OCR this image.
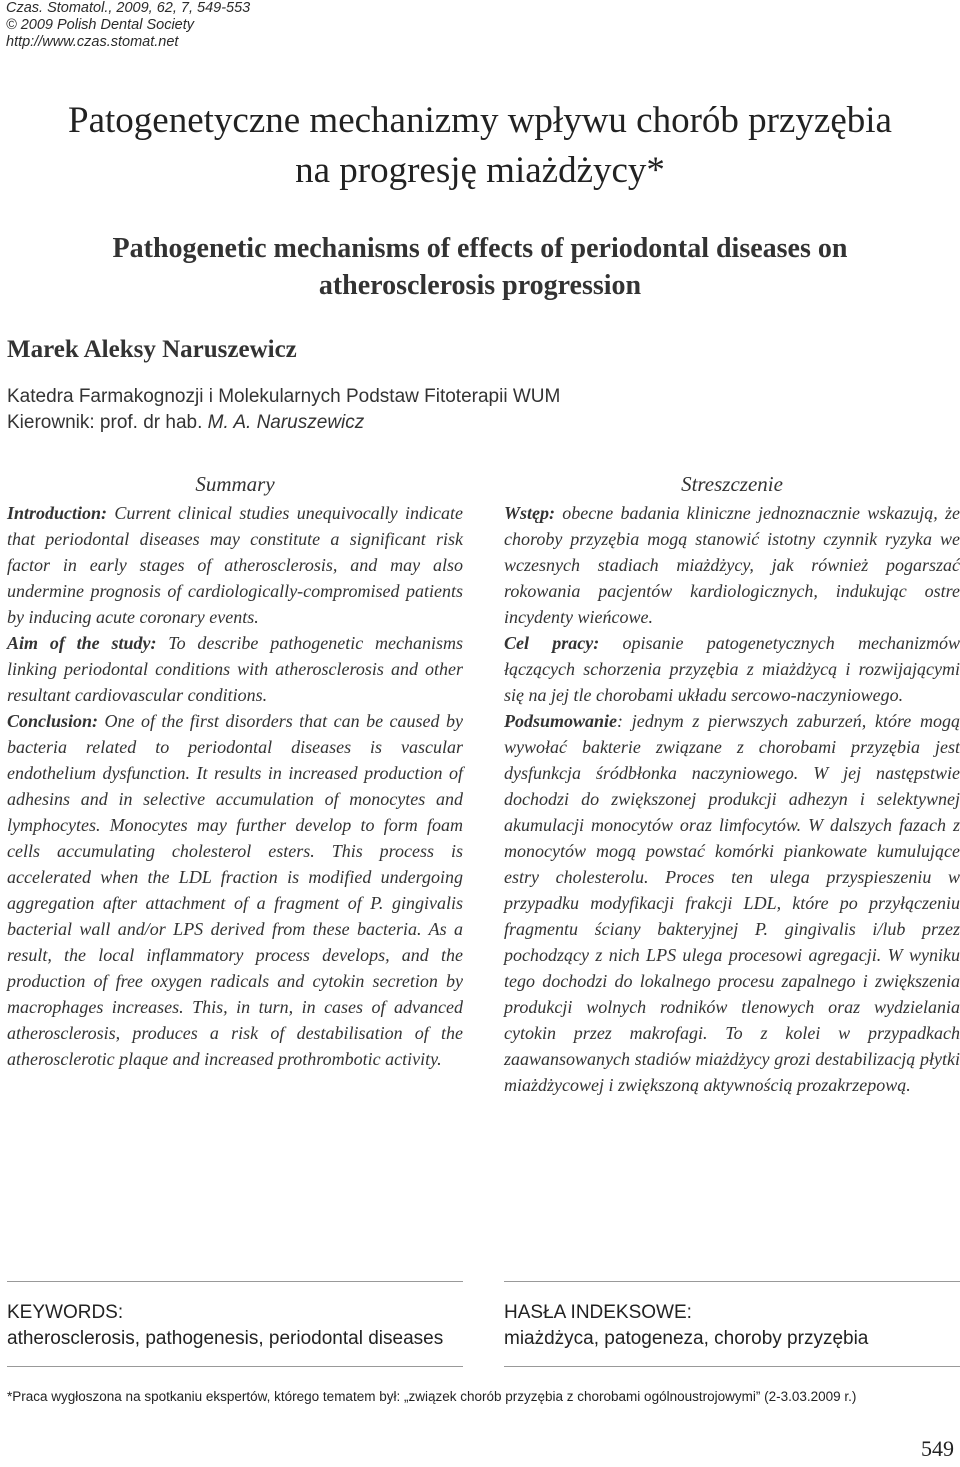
Czas. Stomatol., 2009, 62, 7, 549-553
© 2009 Polish Dental Society
http://www.czas.stomat.net
Patogenetyczne mechanizmy wpływu chorób przyzębia
na progresję miażdżycy*
Pathogenetic mechanisms of effects of periodontal diseases on
atherosclerosis progression
Marek Aleksy Naruszewicz
Katedra Farmakognozji i Molekularnych Podstaw Fitoterapii WUM
Kierownik: prof. dr hab. M. A. Naruszewicz
Summary

Introduction: Current clinical studies unequivocally indicate that periodontal diseases may constitute a significant risk factor in early stages of atherosclerosis, and may also undermine prognosis of cardiologically-compromised patients by inducing acute coronary events.

Aim of the study: To describe pathogenetic mechanisms linking periodontal conditions with atherosclerosis and other resultant cardiovascular conditions.

Conclusion: One of the first disorders that can be caused by bacteria related to periodontal diseases is vascular endothelium dysfunction. It results in increased production of adhesins and in selective accumulation of monocytes and lymphocytes. Monocytes may further develop to form foam cells accumulating cholesterol esters. This process is accelerated when the LDL fraction is modified undergoing aggregation after attachment of a fragment of P. gingivalis bacterial wall and/or LPS derived from these bacteria. As a result, the local inflammatory process develops, and the production of free oxygen radicals and cytokin secretion by macrophages increases. This, in turn, in cases of advanced atherosclerosis, produces a risk of destabilisation of the atherosclerotic plaque and increased prothrombotic activity.

Streszczenie

Wstęp: obecne badania kliniczne jednoznacznie wskazują, że choroby przyzębia mogą stanowić istotny czynnik ryzyka we wczesnych stadiach miażdżycy, jak również pogarszać rokowania pacjentów kardiologicznych, indukując ostre incydenty wieńcowe.

Cel pracy: opisanie patogenetycznych mechanizmów łączących schorzenia przyzębia z miażdżycą i rozwijającymi się na jej tle chorobami układu sercowo-naczyniowego.

Podsumowanie: jednym z pierwszych zaburzeń, które mogą wywołać bakterie związane z chorobami przyzębia jest dysfunkcja śródbłonka naczyniowego. W jej następstwie dochodzi do zwiększonej produkcji adhezyn i selektywnej akumulacji monocytów oraz limfocytów. W dalszych fazach z monocytów mogą powstać komórki piankowate kumulujące estry cholesterolu. Proces ten ulega przyspieszeniu w przypadku modyfikacji frakcji LDL, które po przyłączeniu fragmentu ściany bakteryjnej P. gingivalis i/lub przez pochodzący z nich LPS ulega procesowi agregacji. W wyniku tego dochodzi do lokalnego procesu zapalnego i zwiększenia produkcji wolnych rodników tlenowych oraz wydzielania cytokin przez makrofagi. To z kolei w przypadkach zaawansowanych stadiów miażdżycy grozi destabilizacją płytki miażdżycowej i zwiększoną aktywnością prozakrzepową.

KEYWORDS:
atherosclerosis, pathogenesis, periodontal diseases
HASŁA INDEKSOWE:
miażdżyca, patogeneza, choroby przyzębia
*Praca wygłoszona na spotkaniu ekspertów, którego tematem był: „związek chorób przyzębia z chorobami ogólnoustrojowymi” (2-3.03.2009 r.)
549
